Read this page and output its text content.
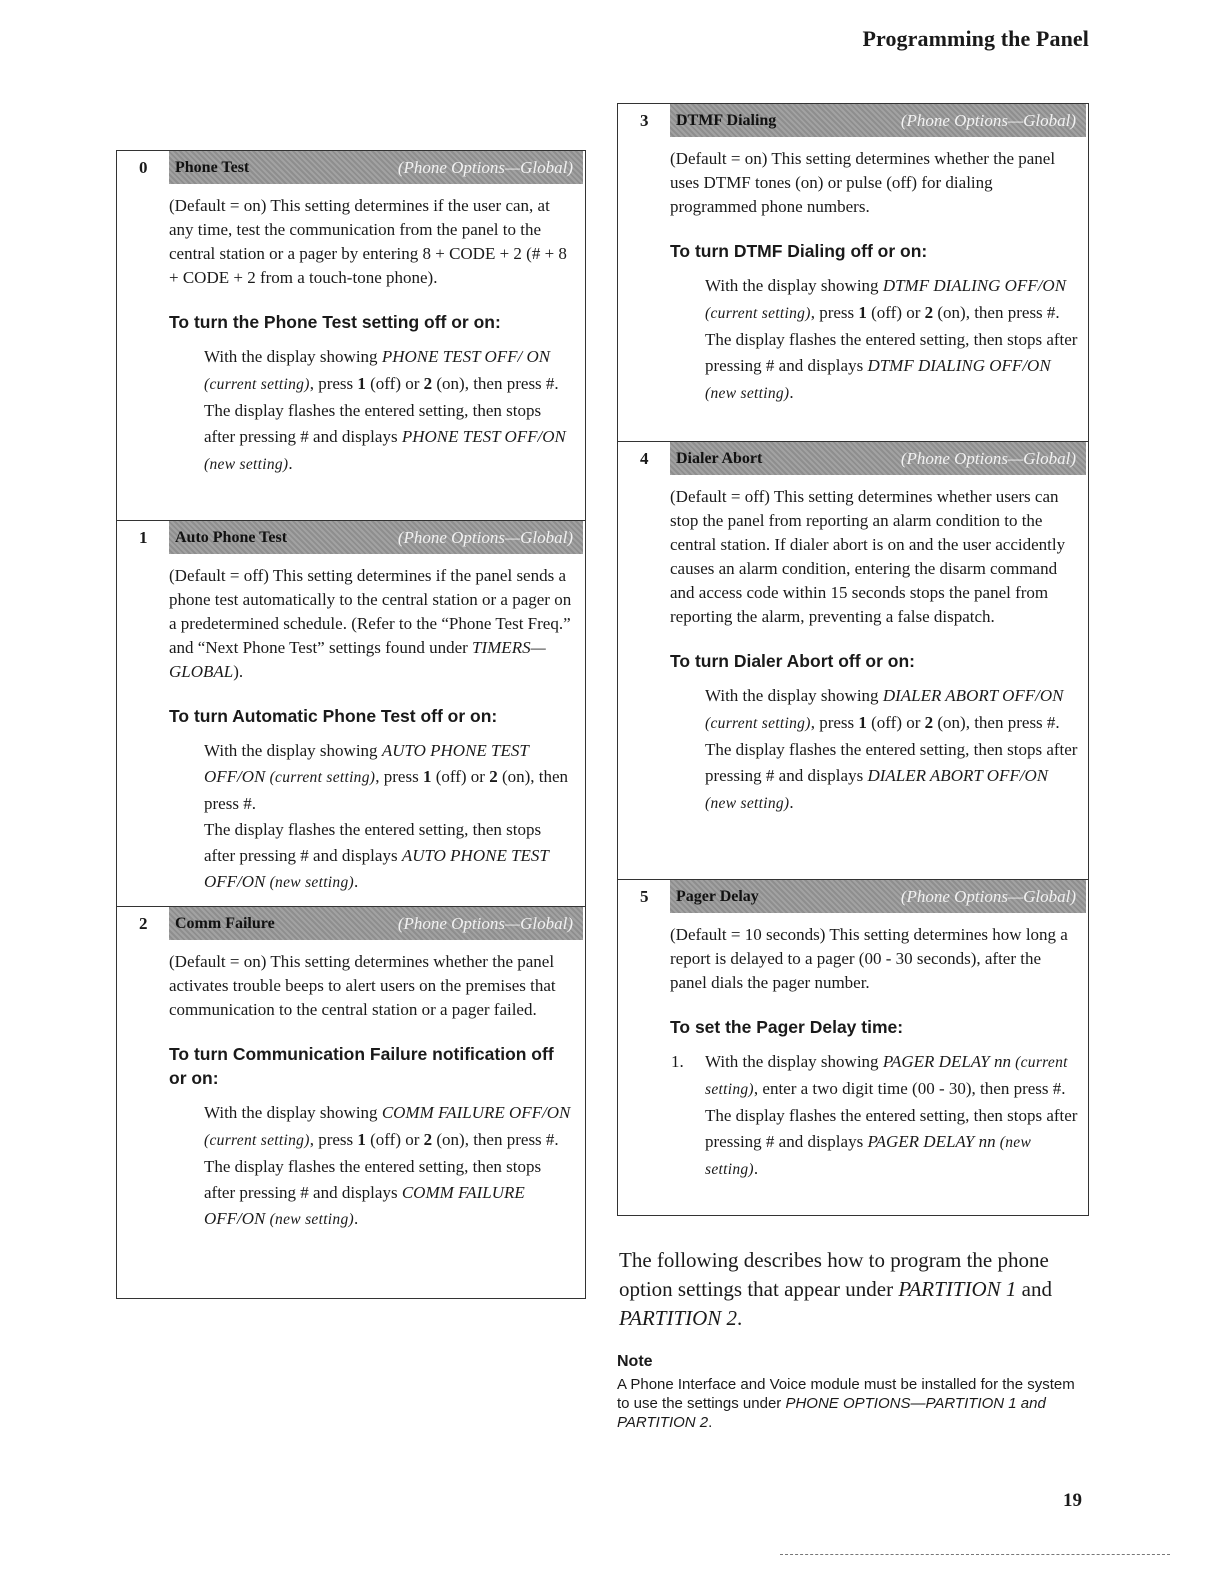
Programming the Panel
0	Phone Test	(Phone Options—Global)

(Default = on) This setting determines if the user can, at any time, test the communication from the panel to the central station or a pager by entering 8 + CODE + 2 (# + 8 + CODE + 2 from a touch-tone phone).

To turn the Phone Test setting off or on:

With the display showing PHONE TEST OFF/ ON (current setting), press 1 (off) or 2 (on), then press #.

The display flashes the entered setting, then stops after pressing # and displays PHONE TEST OFF/ON (new setting).

1	Auto Phone Test	(Phone Options—Global)

(Default = off) This setting determines if the panel sends a phone test automatically to the central station or a pager on a predetermined schedule. (Refer to the “Phone Test Freq.” and “Next Phone Test” settings found under TIMERS—GLOBAL).

To turn Automatic Phone Test off or on:

With the display showing AUTO PHONE TEST OFF/ON (current setting), press 1 (off) or 2 (on), then press #.

The display flashes the entered setting, then stops after pressing # and displays AUTO PHONE TEST OFF/ON (new setting).

2	Comm Failure	(Phone Options—Global)

(Default = on) This setting determines whether the panel activates trouble beeps to alert users on the premises that communication to the central station or a pager failed.

To turn Communication Failure notification off or on:

With the display showing COMM FAILURE OFF/ON (current setting), press 1 (off) or 2 (on), then press #.

The display flashes the entered setting, then stops after pressing # and displays COMM FAILURE OFF/ON (new setting).

3	DTMF Dialing	(Phone Options—Global)

(Default = on) This setting determines whether the panel uses DTMF tones (on) or pulse (off) for dialing programmed phone numbers.

To turn DTMF Dialing off or on:

With the display showing DTMF DIALING OFF/ON (current setting), press 1 (off) or 2 (on), then press #.

The display flashes the entered setting, then stops after pressing # and displays DTMF DIALING OFF/ON (new setting).

4	Dialer Abort	(Phone Options—Global)

(Default = off) This setting determines whether users can stop the panel from reporting an alarm condition to the central station. If dialer abort is on and the user accidently causes an alarm condition, entering the disarm command and access code within 15 seconds stops the panel from reporting the alarm, preventing a false dispatch.

To turn Dialer Abort off or on:

With the display showing DIALER ABORT OFF/ON (current setting), press 1 (off) or 2 (on), then press #.

The display flashes the entered setting, then stops after pressing # and displays DIALER ABORT OFF/ON (new setting).

5	Pager Delay	(Phone Options—Global)

(Default = 10 seconds) This setting determines how long a report is delayed to a pager (00 - 30 seconds), after the panel dials the pager number.

To set the Pager Delay time:

1. With the display showing PAGER DELAY nn (current setting), enter a two digit time (00 - 30), then press #.

The display flashes the entered setting, then stops after pressing # and displays PAGER DELAY nn (new setting).

The following describes how to program the phone option settings that appear under PARTITION 1 and PARTITION 2.
Note
A Phone Interface and Voice module must be installed for the system to use the settings under PHONE OPTIONS—PARTITION 1 and PARTITION 2.
19
